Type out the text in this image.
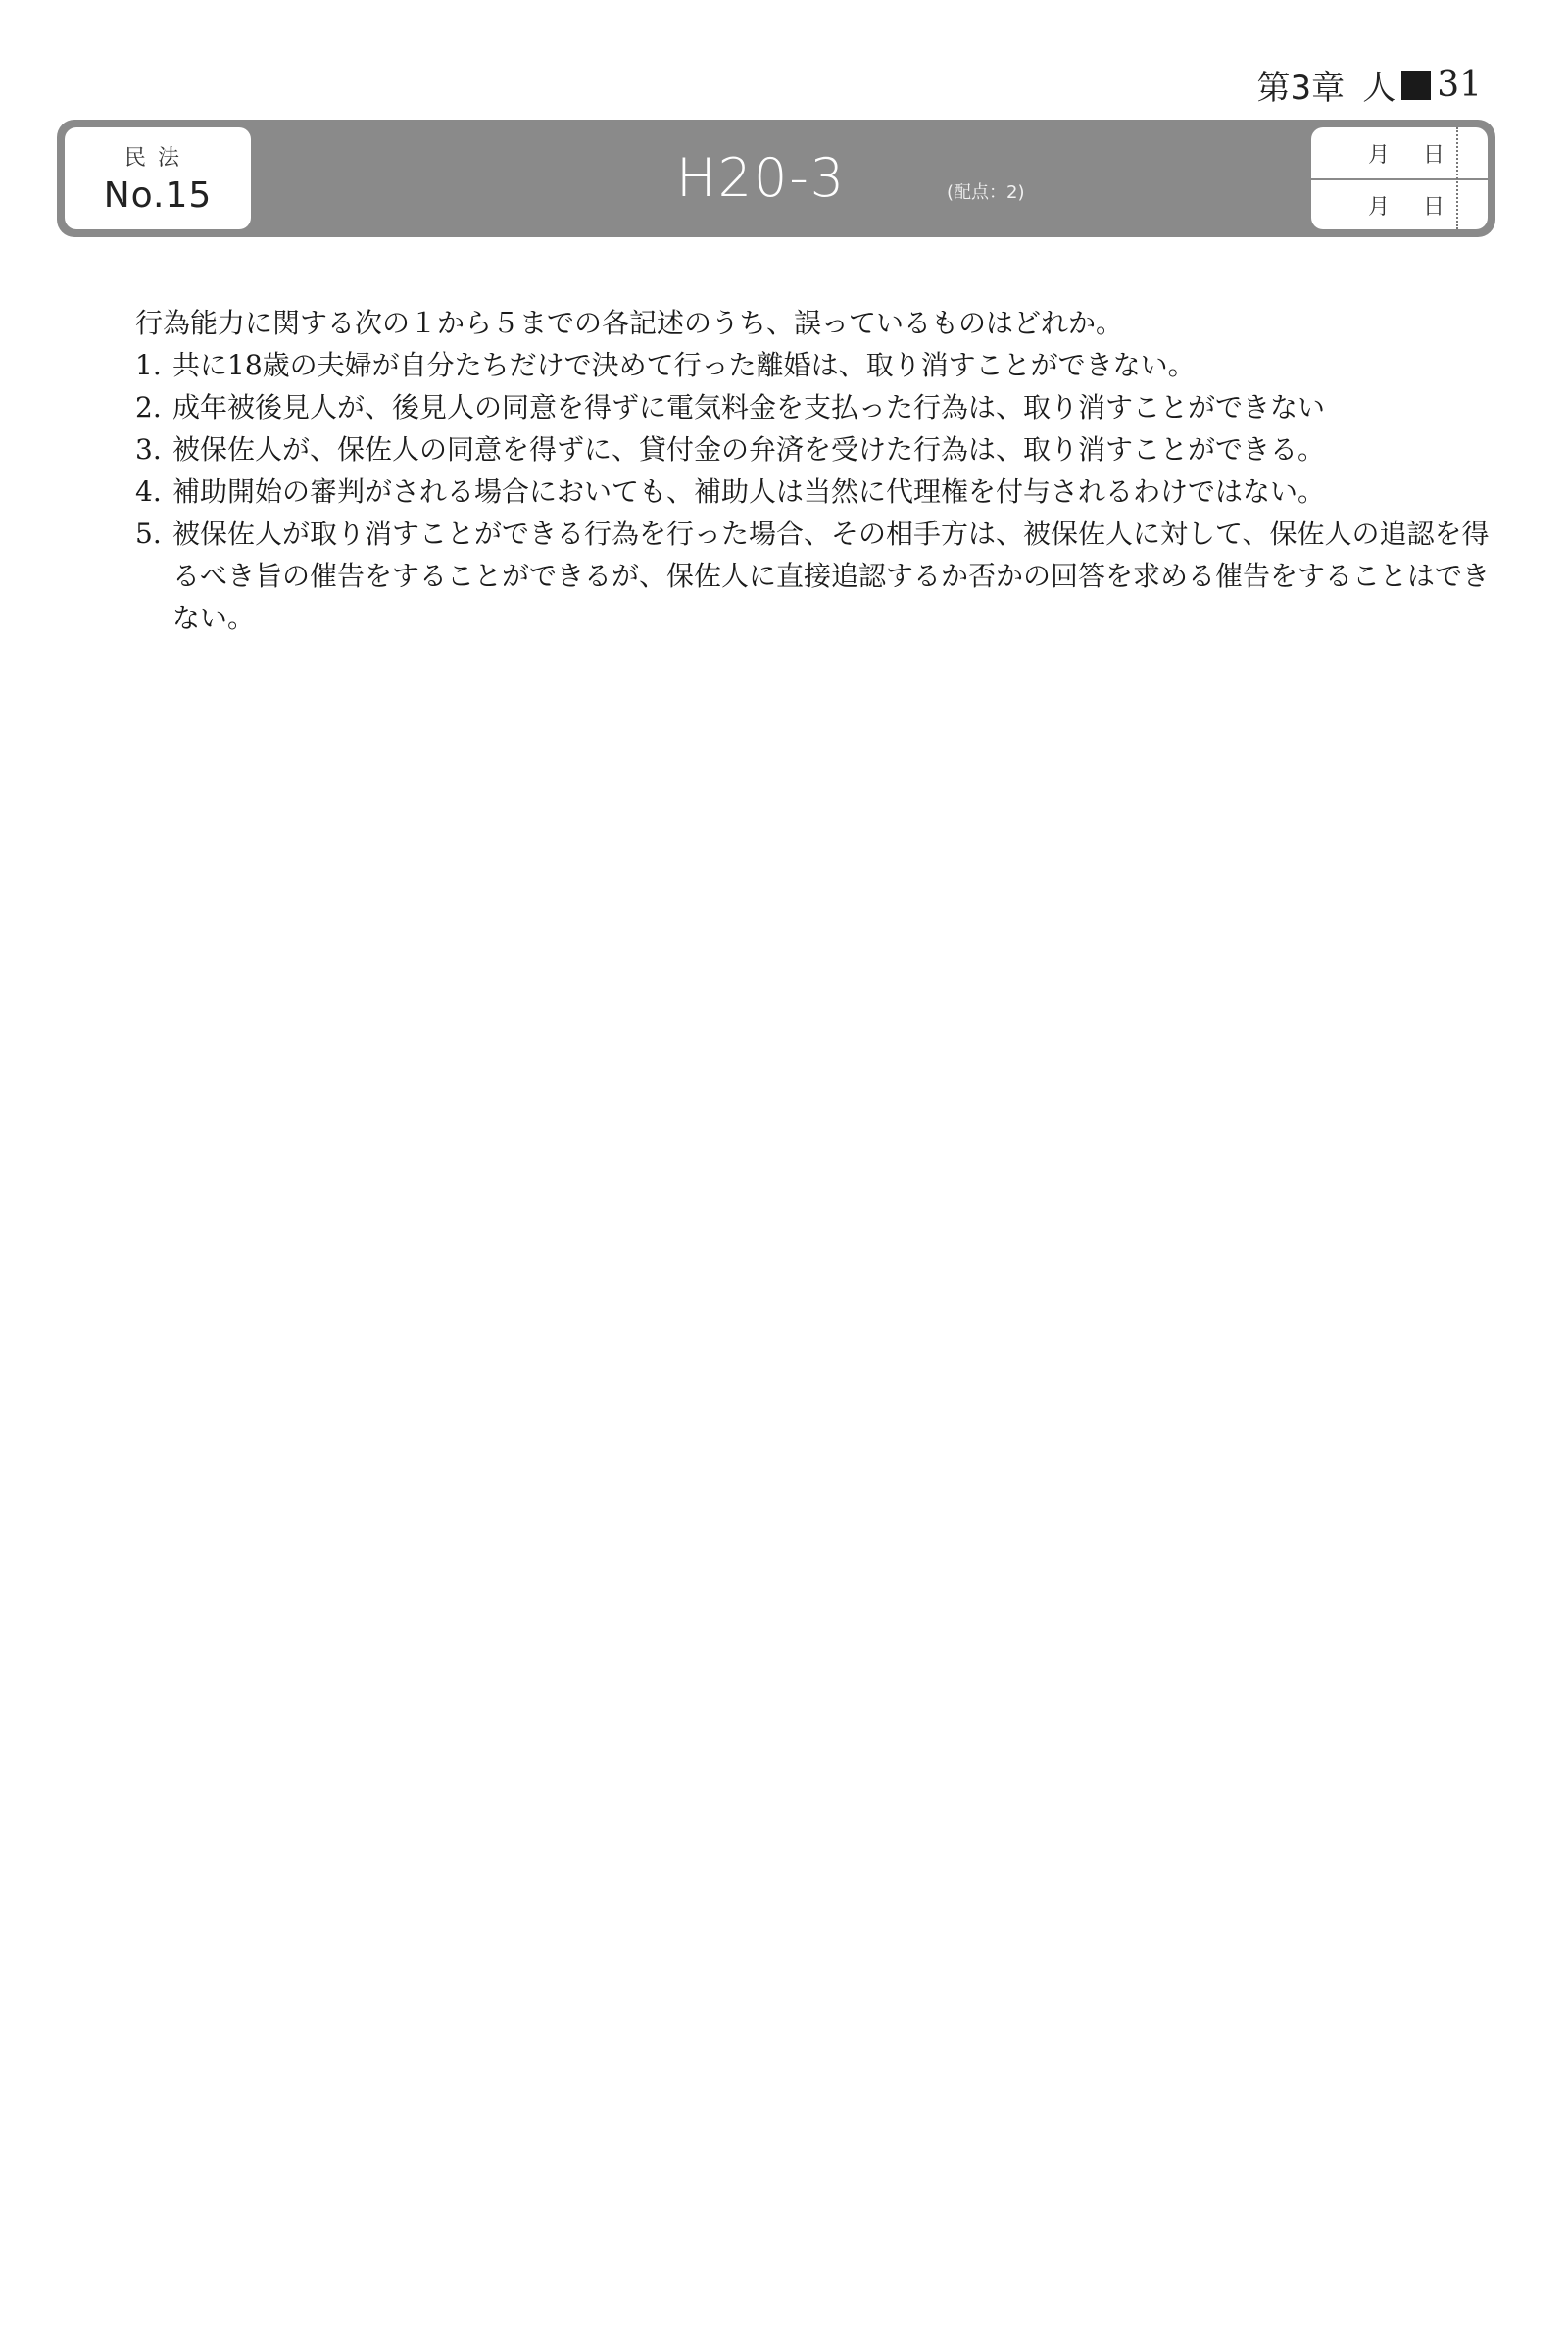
第3章 人 31
民法
No.15	H20-3	(配点：2)
月 日
月 日

行為能力に関する次の１から５までの各記述のうち、誤っているものはどれか。

1. 共に18歳の夫婦が自分たちだけで決めて行った離婚は、取り消すことができない。
2. 成年被後見人が、後見人の同意を得ずに電気料金を支払った行為は、取り消すことができない
3. 被保佐人が、保佐人の同意を得ずに、貸付金の弁済を受けた行為は、取り消すことができる。
4. 補助開始の審判がされる場合においても、補助人は当然に代理権を付与されるわけではない。
5. 被保佐人が取り消すことができる行為を行った場合、その相手方は、被保佐人に対して、保佐人の追認を得るべき旨の催告をすることができるが、保佐人に直接追認するか否かの回答を求める催告をすることはできない。
